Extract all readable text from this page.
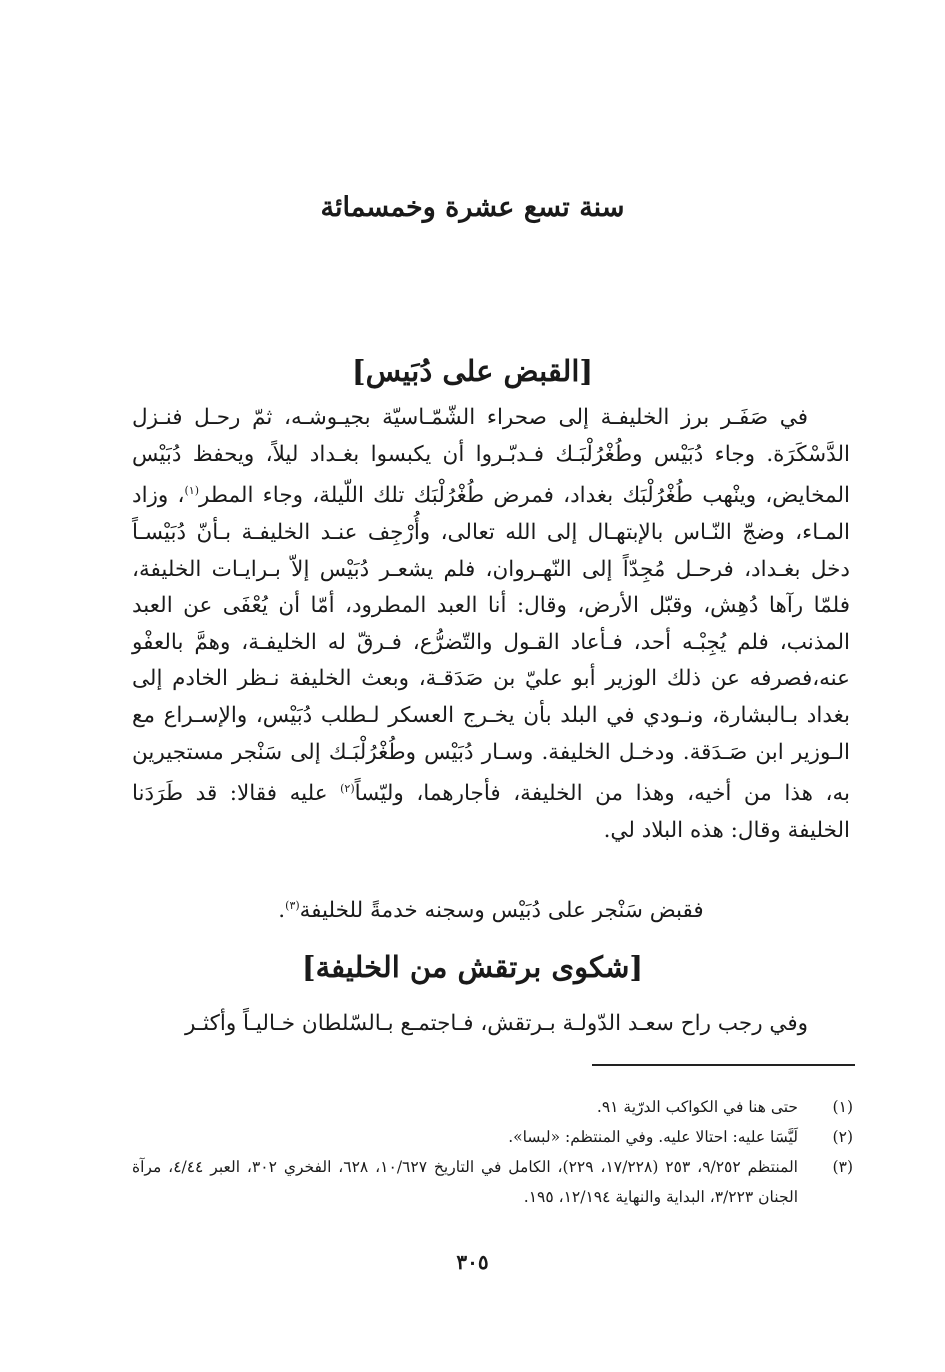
سنة تسع عشرة وخمسمائة
[القبض على دُبَيس]

في صَفَـر برز الخليفـة إلى صحراء الشّمّـاسيّة بجيـوشـه، ثمّ رحـل فنـزل الدَّسْكَرَة. وجاء دُبَيْس وطُغْرُلْبَـك فـدبّـروا أن يكبسوا بغـداد ليلاً، ويحفظ دُبَيْس المخايض، وينْهب طُغْرُلْبَك بغداد، فمرض طُغْرُلْبَك تلك اللّيلة، وجاء المطر$^{(١)}$، وزاد المـاء، وضجّ النّـاس بالإبتهـال إلى الله تعالى، وأُرْجِف عنـد الخليفـة بـأنّ دُبَيْسـاً دخل بغـداد، فرحـل مُجِدّاً إلى النّهـروان، فلم يشعـر دُبَيْس إلاّ بـرايـات الخليفة، فلمّا رآها دُهِش، وقبّل الأرض، وقال: أنا العبد المطرود، أمّا أن يُعْفَى عن العبد المذنب، فلم يُجِبْـه أحد، فـأعاد القـول والتّضرُّع، فـرقّ له الخليفـة، وهمَّ بالعفْو عنه،فصرفه عن ذلك الوزير أبو عليّ بن صَدَقـة، وبعث الخليفة نـظر الخادم إلى بغداد بـالبشارة، ونـودي في البلد بأن يخـرج العسكر لـطلب دُبَيْس، والإسـراع مع الـوزير ابن صَـدَقة. ودخـل الخليفة. وسـار دُبَيْس وطُغْرُلْبَـك إلى سَنْجر مستجيرين به، هذا من أخيه، وهذا من الخليفة، فأجارهما، وليّساً$^{(٢)}$ عليه فقالا: قد طَرَدَنا الخليفة وقال: هذه البلاد لي.

فقبض سَنْجر على دُبَيْس وسجنه خدمةً للخليفة$^{(٣)}$.

[شكوى برتقش من الخليفة]

وفي رجب راح سعـد الدّولـة بـرتقش، فـاجتمـع بـالسّلطان خـاليـاً وأكثـر

(١)
حتى هنا في الكواكب الدرّية ٩١.
(٢)
لَيَّسَا عليه: احتالا عليه. وفي المنتظم: «لبسا».
(٣)
المنتظم ٩/٢٥٢، ٢٥٣ (١٧/٢٢٨، ٢٢٩)، الكامل في التاريخ ١٠/٦٢٧، ٦٢٨، الفخري ٣٠٢، العبر ٤/٤٤، مرآة الجنان ٣/٢٢٣، البداية والنهاية ١٢/١٩٤، ١٩٥.
٣٠٥
